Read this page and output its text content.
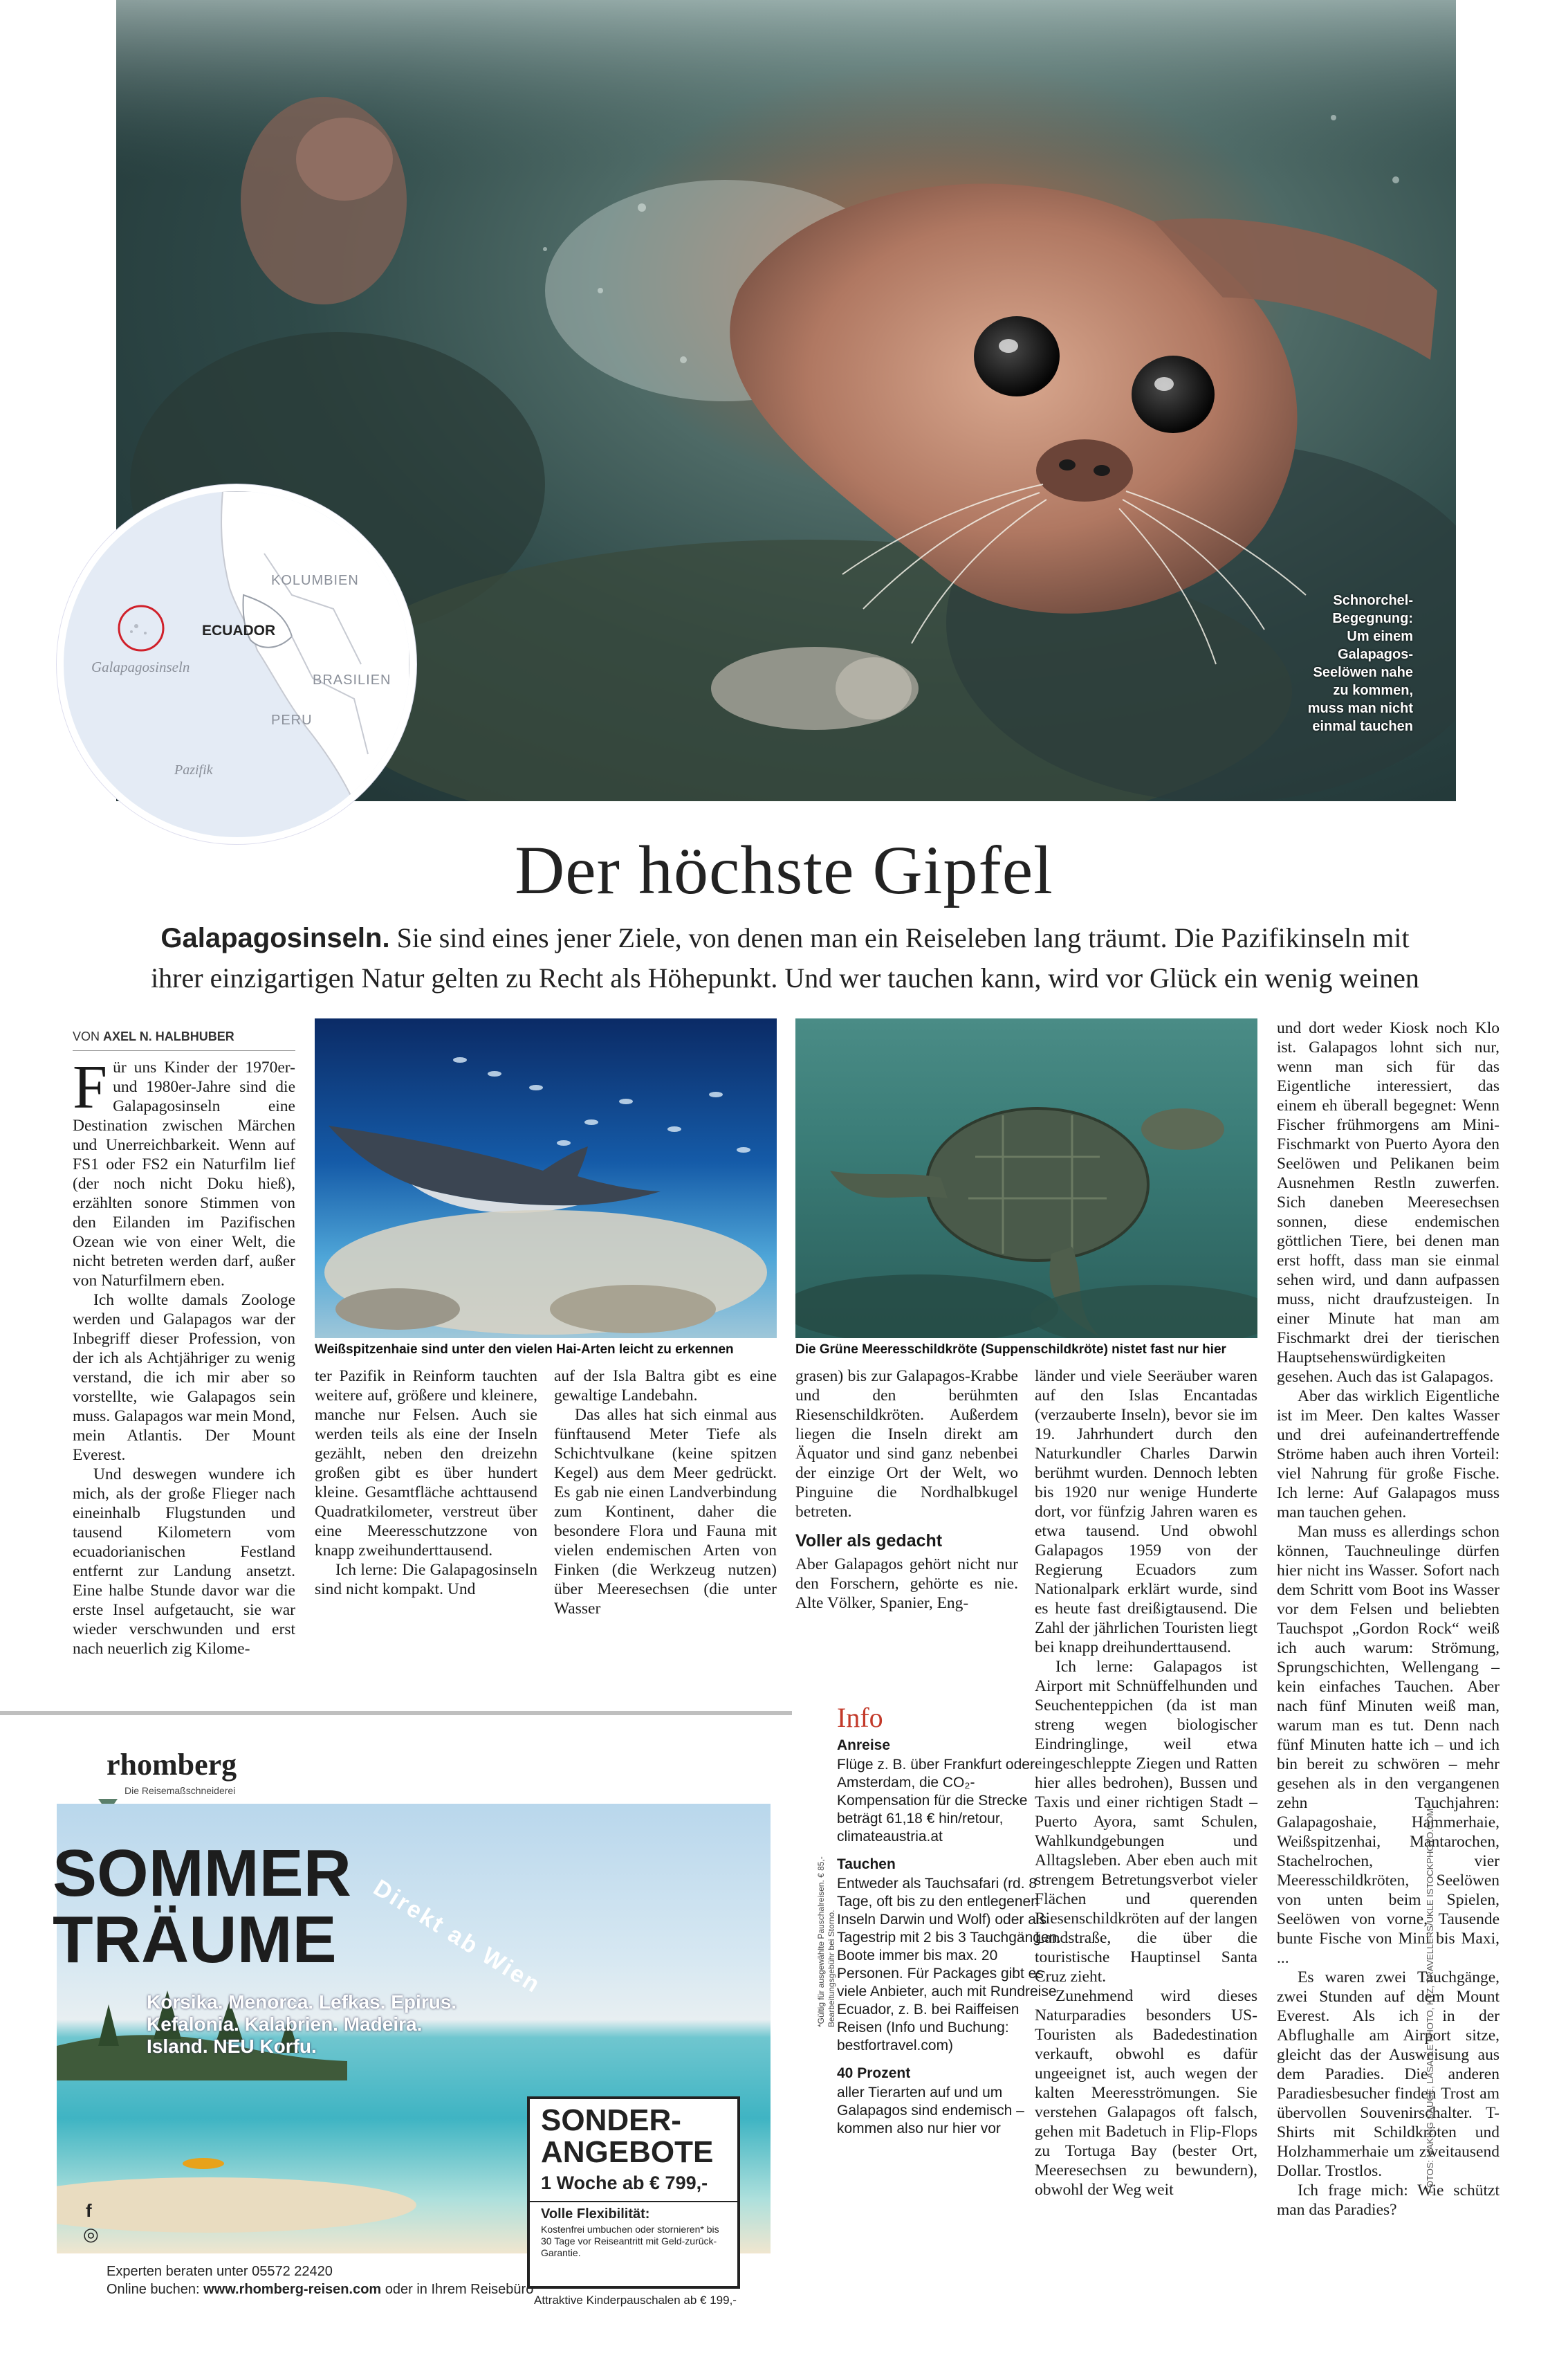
Schnorchel-
Begegnung:
Um einem
Galapagos-
Seelöwen nahe
zu kommen,
muss man nicht
einmal tauchen
KOLUMBIEN
ECUADOR
Galapagosinseln
BRASILIEN
PERU
Pazifik
Der höchste Gipfel
Galapagosinseln. Sie sind eines jener Ziele, von denen man ein Reiseleben lang träumt. Die Pazifikinseln mit ihrer einzigartigen Natur gelten zu Recht als Höhepunkt. Und wer tauchen kann, wird vor Glück ein wenig weinen
VON AXEL N. HALBHUBER

Für uns Kinder der 1970er- und 1980er-Jahre sind die Galapagosinseln eine Destination zwischen Märchen und Unerreichbarkeit. Wenn auf FS1 oder FS2 ein Naturfilm lief (der noch nicht Doku hieß), erzählten sonore Stimmen von den Eilanden im Pazifischen Ozean wie von einer Welt, die nicht betreten werden darf, außer von Naturfilmern eben.

Ich wollte damals Zoologe werden und Galapagos war der Inbegriff dieser Profession, von der ich als Achtjähriger zu wenig verstand, die ich mir aber so vorstellte, wie Galapagos sein muss. Galapagos war mein Mond, mein Atlantis. Der Mount Everest.

Und deswegen wundere ich mich, als der große Flieger nach eineinhalb Flugstunden und tausend Kilometern vom ecuadorianischen Festland entfernt zur Landung ansetzt. Eine halbe Stunde davor war die erste Insel aufgetaucht, sie war wieder verschwunden und erst nach neuerlich zig Kilome-

Weißspitzenhaie sind unter den vielen Hai-Arten leicht zu erkennen	Die Grüne Meeresschildkröte (Suppenschildkröte) nistet fast nur hier

ter Pazifik in Reinform tauchten weitere auf, größere und kleinere, manche nur Felsen. Auch sie werden teils als eine der Inseln gezählt, neben den dreizehn großen gibt es über hundert kleine. Gesamtfläche achttausend Quadratkilometer, verstreut über eine Meeresschutzzone von knapp zweihunderttausend.

Ich lerne: Die Galapagosinseln sind nicht kompakt. Und

auf der Isla Baltra gibt es eine gewaltige Landebahn.

Das alles hat sich einmal aus fünftausend Meter Tiefe als Schichtvulkane (keine spitzen Kegel) aus dem Meer gedrückt. Es gab nie einen Landverbindung zum Kontinent, daher die besondere Flora und Fauna mit vielen endemischen Arten von Finken (die Werkzeug nutzen) über Meeresechsen (die unter Wasser

grasen) bis zur Galapagos-Krabbe und den berühmten Riesenschildkröten. Außerdem liegen die Inseln direkt am Äquator und sind ganz nebenbei der einzige Ort der Welt, wo Pinguine die Nordhalbkugel betreten.

Voller als gedacht

Aber Galapagos gehört nicht nur den Forschern, gehörte es nie. Alte Völker, Spanier, Eng-

länder und viele Seeräuber waren auf den Islas Encantadas (verzauberte Inseln), bevor sie im 19. Jahrhundert durch den Naturkundler Charles Darwin berühmt wurden. Dennoch lebten bis 1920 nur wenige Hunderte dort, vor fünfzig Jahren waren es etwa tausend. Und obwohl Galapagos 1959 von der Regierung Ecuadors zum Nationalpark erklärt wurde, sind es heute fast dreißigtausend. Die Zahl der jährlichen Touristen liegt bei knapp dreihunderttausend.

Ich lerne: Galapagos ist Airport mit Schnüffelhunden und Seuchenteppichen (da ist man streng wegen biologischer Eindringlinge, weil etwa eingeschleppte Ziegen und Ratten hier alles bedrohen), Bussen und Taxis und einer richtigen Stadt – Puerto Ayora, samt Schulen, Wahlkundgebungen und Alltagsleben. Aber eben auch mit strengem Betretungsverbot vieler Flächen und querenden Riesenschildkröten auf der langen Landstraße, die über die touristische Hauptinsel Santa Cruz zieht.

Zunehmend wird dieses Naturparadies besonders US-Touristen als Badedestination verkauft, obwohl es dafür ungeeignet ist, auch wegen der kalten Meeresströmungen. Sie verstehen Galapagos oft falsch, gehen mit Badetuch in Flip-Flops zu Tortuga Bay (bester Ort, Meeresechsen zu bewundern), obwohl der Weg weit

und dort weder Kiosk noch Klo ist. Galapagos lohnt sich nur, wenn man sich für das Eigentliche interessiert, das einem eh überall begegnet: Wenn Fischer frühmorgens am Mini-Fischmarkt von Puerto Ayora den Seelöwen und Pelikanen beim Ausnehmen Restln zuwerfen. Sich daneben Meeresechsen sonnen, diese endemischen göttlichen Tiere, bei denen man erst hofft, dass man sie einmal sehen wird, und dann aufpassen muss, nicht draufzusteigen. In einer Minute hat man am Fischmarkt drei der tierischen Hauptsehenswürdigkeiten gesehen. Auch das ist Galapagos.

Aber das wirklich Eigentliche ist im Meer. Den kaltes Wasser und drei aufeinandertreffende Ströme haben auch ihren Vorteil: viel Nahrung für große Fische. Ich lerne: Auf Galapagos muss man tauchen gehen.

Man muss es allerdings schon können, Tauchneulinge dürfen hier nicht ins Wasser. Sofort nach dem Schritt vom Boot ins Wasser vor dem Felsen und beliebten Tauchspot „Gordon Rock“ weiß ich auch warum: Strömung, Sprungschichten, Wellengang – kein einfaches Tauchen. Aber nach fünf Minuten weiß man, warum man es tut. Denn nach fünf Minuten hatte ich – und ich bin bereit zu schwören – mehr gesehen als in den vergangenen zehn Tauchjahren: Galapagoshaie, Hammerhaie, Weißspitzenhai, Mantarochen, Stachelrochen, vier Meeresschildkröten, Seelöwen von unten beim Spielen, Seelöwen von vorne, Tausende bunte Fische von Mini bis Maxi, ...

Es waren zwei Tauchgänge, zwei Stunden auf dem Mount Everest. Als ich in der Abflughalle am Airport sitze, gleicht das der Ausweisung aus dem Paradies. Die anderen Paradiesbesucher finden Trost am übervollen Souvenirschalter. T-Shirts mit Schildkröten und Holzhammerhaie um zweitausend Dollar. Trostlos.

Ich frage mich: Wie schützt man das Paradies?

FOTOS: MAKING SAUCE, LASALLE PHOTO, KTZ, TRAVELLERS/UKLE ISTOCKPHOTO.COM
Info
Anreise

Flüge z. B. über Frankfurt oder Amsterdam, die CO₂-Kompensation für die Strecke beträgt 61,18 € hin/retour, climateaustria.at

Tauchen

Entweder als Tauchsafari (rd. 8 Tage, oft bis zu den entlegenen Inseln Darwin und Wolf) oder als Tagestrip mit 2 bis 3 Tauchgängen. Boote immer bis max. 20 Personen. Für Packages gibt es viele Anbieter, auch mit Rundreise Ecuador, z. B. bei Raiffeisen Reisen (Info und Buchung: bestfortravel.com)

40 Prozent

aller Tierarten auf und um Galapagos sind endemisch – kommen also nur hier vor

rhomberg
Die Reisemaßschneiderei
SOMMER
TRÄUME	Direkt ab Wien
Korsika. Menorca. Lefkas. Epirus.
Kefalonia. Kalabrien. Madeira.
Island. NEU Korfu.
*Gültig für ausgewählte Pauschalreisen. € 85,- Bearbeitungsgebühr bei Storno.
SONDER-
ANGEBOTE
1 Woche ab € 799,-
Volle Flexibilität:
Kostenfrei umbuchen oder stornieren* bis 30 Tage vor Reiseantritt mit Geld-zurück-Garantie.
f
◎
Experten beraten unter 05572 22420
Online buchen: www.rhomberg-reisen.com oder in Ihrem Reisebüro
Attraktive Kinderpauschalen ab € 199,-
